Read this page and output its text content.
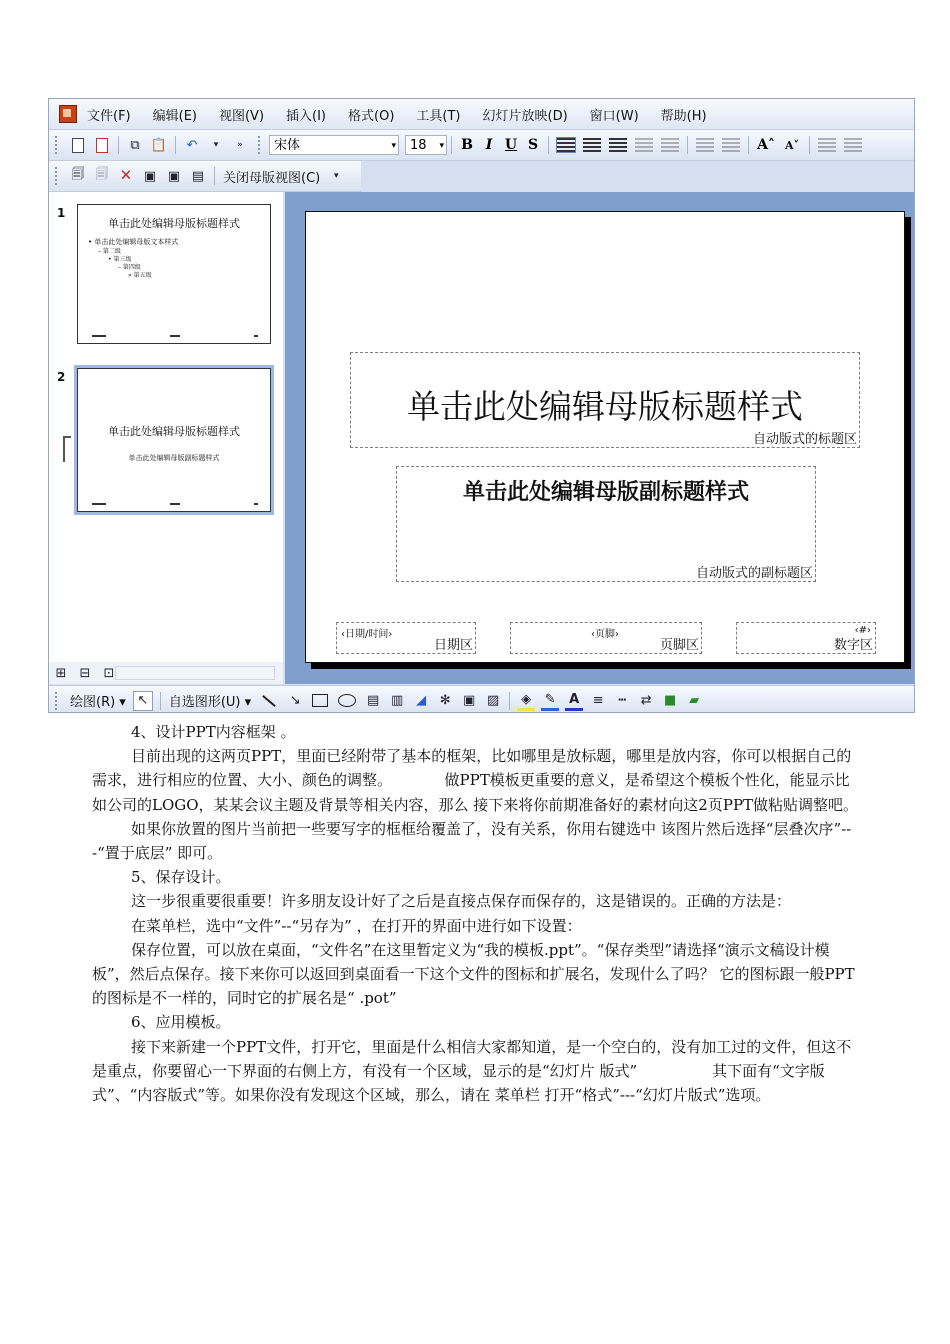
文件(F) 编辑(E) 视图(V) 插入(I) 格式(O) 工具(T) 幻灯片放映(D) 窗口(W) 帮助(H)
⧉ 📋 ↶	▾	»	宋体	▾	18 ▾	B I U S	A˄ A˅
🗐 🗐 🗙 ▣ ▣ ▤	关闭母版视图(C)	▾
1
单击此处编辑母版标题样式
• 单击此处编辑母版文本样式
– 第二级
• 第三级
– 第四级
» 第五级
2
单击此处编辑母版标题样式
单击此处编辑母版副标题样式
⊞ ⊟ ⊡
单击此处编辑母版标题样式
自动版式的标题区
单击此处编辑母版副标题样式
自动版式的副标题区
‹日期/时间›
日期区
‹页脚›
页脚区
‹#›
数字区
绘图(R) ▾ ↖	自选图形(U) ▾	↘	▤ ▥ ◢	✻ ▣ ▨	◈	✎	A	≡	┅	⇄ ■ ▰

4、设计PPT内容框架 。

目前出现的这两页PPT，里面已经附带了基本的框架，比如哪里是放标题，哪里是放内容，你可以根据自己的需求，进行相应的位置、大小、颜色的调整。　　　　做PPT模板更重要的意义，是希望这个模板个性化，能显示比如公司的LOGO，某某会议主题及背景等相关内容，那么 接下来将你前期准备好的素材向这2页PPT做粘贴调整吧。

如果你放置的图片当前把一些要写字的框框给覆盖了，没有关系，你用右键选中 该图片然后选择“层叠次序”---“置于底层” 即可。

5、保存设计。

这一步很重要很重要！许多朋友设计好了之后是直接点保存而保存的，这是错误的。正确的方法是：

在菜单栏，选中“文件”--“另存为” ，在打开的界面中进行如下设置：

保存位置，可以放在桌面，“文件名”在这里暂定义为“我的模板.ppt”。“保存类型”请选择“演示文稿设计模板”，然后点保存。接下来你可以返回到桌面看一下这个文件的图标和扩展名，发现什么了吗？ 它的图标跟一般PPT的图标是不一样的，同时它的扩展名是“ .pot”

6、应用模板。

接下来新建一个PPT文件，打开它，里面是什么相信大家都知道，是一个空白的，没有加工过的文件，但这不是重点，你要留心一下界面的右侧上方，有没有一个区域，显示的是“幻灯片 版式”　　　　　其下面有“文字版式”、“内容版式”等。如果你没有发现这个区域，那么，请在 菜单栏 打开“格式”---“幻灯片版式”选项。
